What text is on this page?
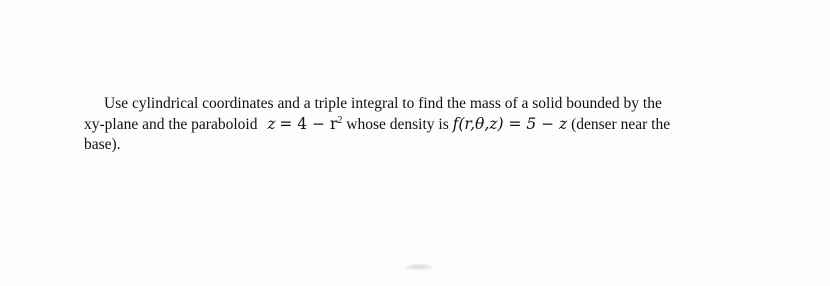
Use cylindrical coordinates and a triple integral to find the mass of a solid bounded by the
xy-plane and the paraboloid $z = 4 - r^2$ whose density is f(r,θ,z) = 5 − z (denser near the
base).
